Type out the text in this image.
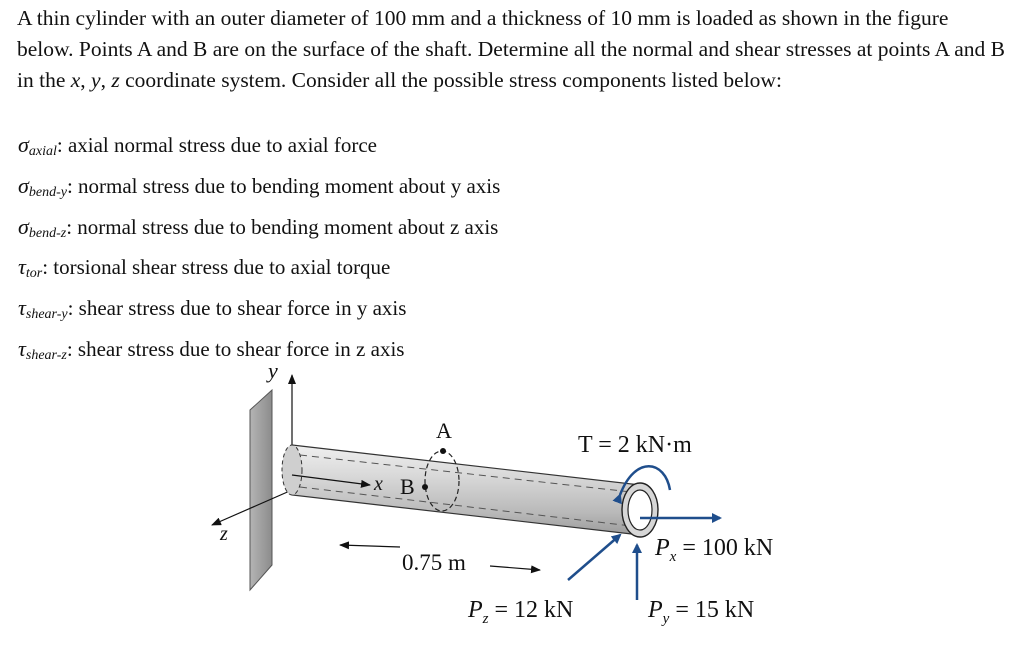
A thin cylinder with an outer diameter of 100 mm and a thickness of 10 mm is loaded as shown in the figure below. Points A and B are on the surface of the shaft. Determine all the normal and shear stresses at points A and B in the x, y, z coordinate system. Consider all the possible stress components listed below:

$\sigma_{axial}$: axial normal stress due to axial force
$\sigma_{bend-y}$: normal stress due to bending moment about y axis
$\sigma_{bend-z}$: normal stress due to bending moment about z axis
$\tau_{tor}$: torsional shear stress due to axial torque
$\tau_{shear-y}$: shear stress due to shear force in y axis
$\tau_{shear-z}$: shear stress due to shear force in z axis
y
z
x B
A
T = 2 kN·m
$P_x = 100$ kN
$P_y = 15$ kN
$P_z = 12$ kN
0.75 m
